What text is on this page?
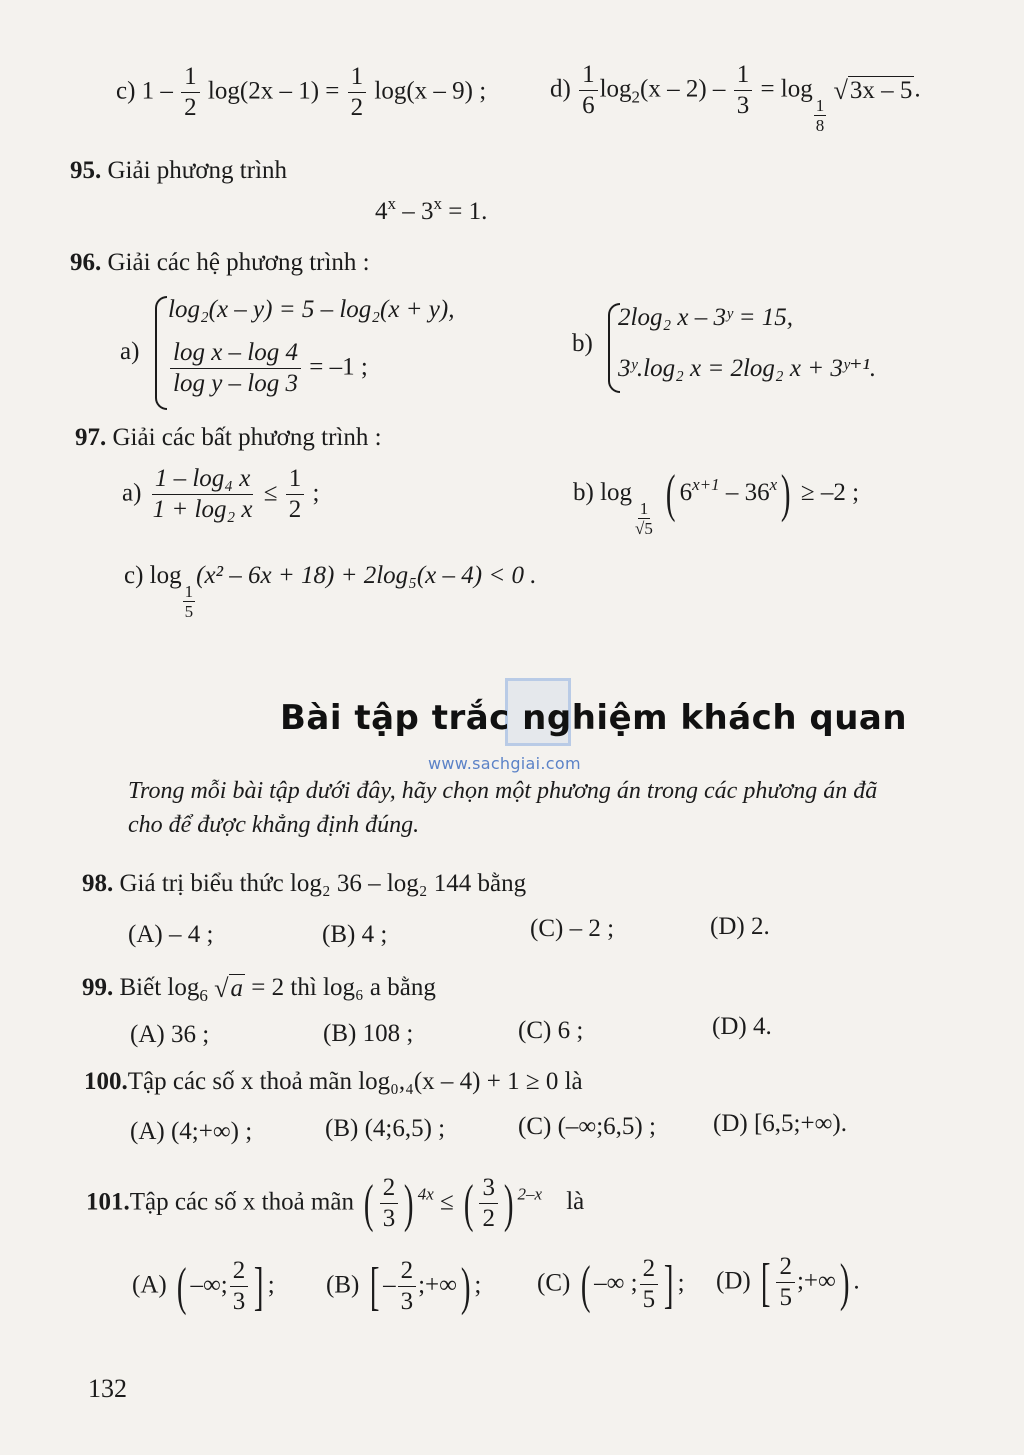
c) $1 - \frac{1}{2} \log(2x - 1) = \frac{1}{2} \log(x - 9)$ ;	$d) \frac{1}{6} \log_2(x - 2) - \frac{1}{3} = \log$
$\frac{1}{8}$

√ 3x – 5 .
95. Giải phương trình
$4^x - 3^x = 1$.
96. Giải các hệ phương trình :
a)
log₂(x – y) = 5 – log₂(x + y),
$\frac{\text{log x – log 4}}{\text{log y – log 3}} = -1$ ;
b)
2log₂ x – 3ʸ = 15,
3ʸ.log₂ x = 2log₂ x + 3ʸ⁺¹.
97. Giải các bất phương trình :
$a) \frac{\text{1 – log₄ x}}{\text{1 + log₂ x}} \le \frac{1}{2}$ ;	b) log
$\frac{1}{√5}$ ( $6^{x+1} - 36^x) \ge -2$ ;
c) log
$\frac{1}{5}$
(x² – 6x + 18) + 2log₅(x – 4) < 0 .
Bài tập trắc nghiệm khách quan
www.sachgiai.com
Trong mỗi bài tập dưới đây, hãy chọn một phương án trong các phương án đã
cho để được khẳng định đúng.
98. Giá trị biểu thức log₂ 36 – log₂ 144 bằng
(A) – 4 ;	(B) 4 ;	(C) – 2 ;	(D) 2.
99. Biết $\log_6$ √ a = 2 thì log₆ a bằng
(A) 36 ;	(B) 108 ;	(C) 6 ;	(D) 4.
100.Tập các số x thoả mãn log₀,₄(x – 4) + 1 ≥ 0 là
(A) (4;+∞) ;	(B) (4;6,5) ;	(C) (–∞;6,5) ; (D) [6,5;+∞).
101.Tập các số x thoả mãn ( $\frac{2}{3}$ ) $^{4x}$ ≤ ( $\frac{3}{2}$ ) $^{2-x}$ là
(A) ( –∞; $\frac{2}{3}$ ] ; (B) [ – $\frac{2}{3}$ ;+∞) ; (C) ( –∞ ; $\frac{2}{5}$ ] ; (D) [ $\frac{2}{5}$ ;+∞) .
132
